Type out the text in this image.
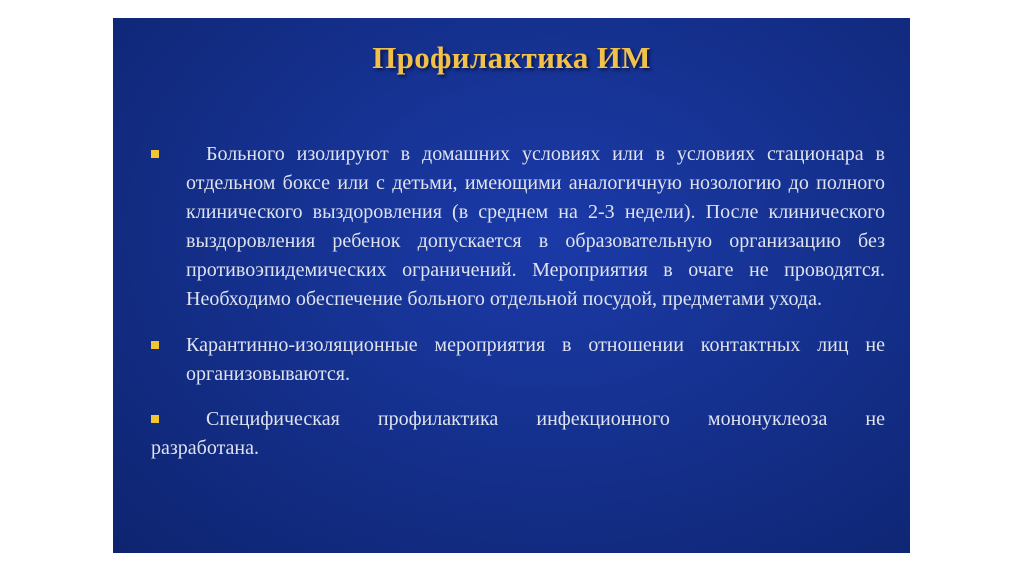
Профилактика ИМ
Больного изолируют в домашних условиях или в условиях стационара в отдельном боксе или с детьми, имеющими аналогичную нозологию до полного клинического выздоровления (в среднем на 2-3 недели). После клинического выздоровления ребенок допускается в образовательную организацию без противоэпидемических ограничений. Мероприятия в очаге не проводятся. Необходимо обеспечение больного отдельной посудой, предметами ухода.
Карантинно-изоляционные мероприятия в отношении контактных лиц не организовываются.
Специфическая профилактика инфекционного мононуклеоза не
разработана.
